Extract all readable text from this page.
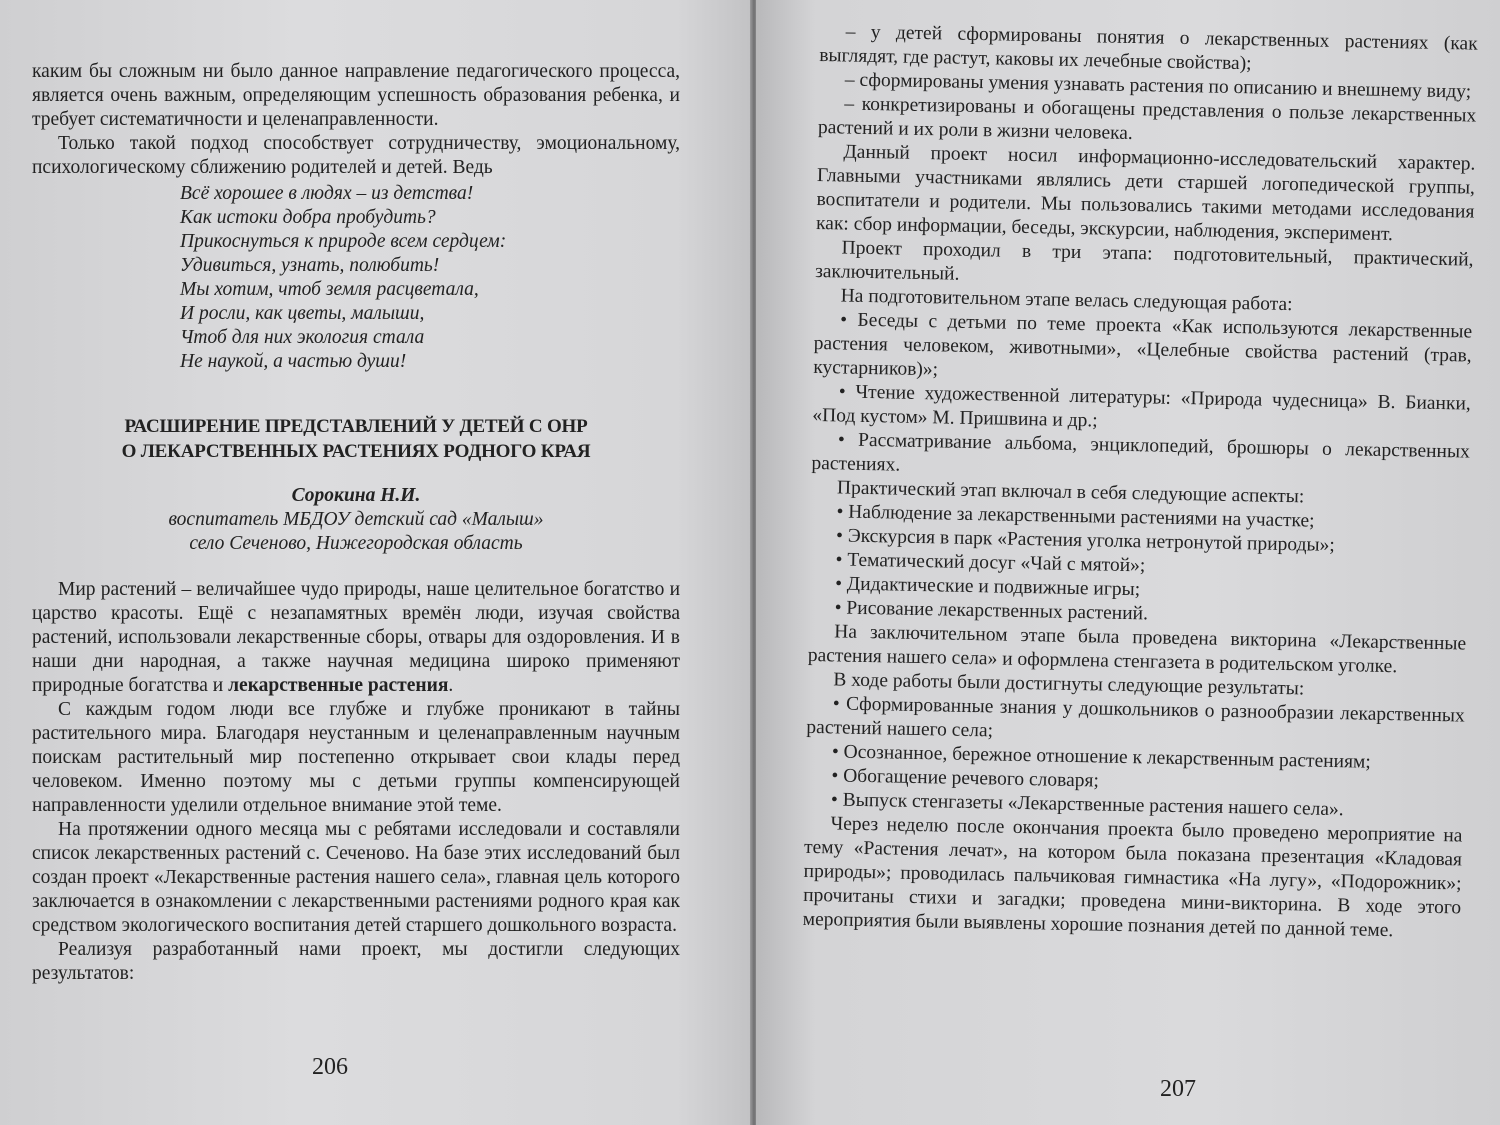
каким бы сложным ни было данное направление педагогического процесса, является очень важным, определяющим успешность образования ребенка, и требует систематичности и целенаправленности.

Только такой подход способствует сотрудничеству, эмоциональному, психологическому сближению родителей и детей. Ведь

Всё хорошее в людях – из детства!
Как истоки добра пробудить?
Прикоснуться к природе всем сердцем:
Удивиться, узнать, полюбить!
Мы хотим, чтоб земля расцветала,
И росли, как цветы, малыши,
Чтоб для них экология стала
Не наукой, а частью души!
РАСШИРЕНИЕ ПРЕДСТАВЛЕНИЙ У ДЕТЕЙ С ОНР
О ЛЕКАРСТВЕННЫХ РАСТЕНИЯХ РОДНОГО КРАЯ
Сорокина Н.И.
воспитатель МБДОУ детский сад «Малыш»
село Сеченово, Нижегородская область

Мир растений – величайшее чудо природы, наше целительное богатство и царство красоты. Ещё с незапамятных времён люди, изучая свойства растений, использовали лекарственные сборы, отвары для оздоровления. И в наши дни народная, а также научная медицина широко применяют природные богатства и лекарственные растения.

С каждым годом люди все глубже и глубже проникают в тайны растительного мира. Благодаря неустанным и целенаправленным научным поискам растительный мир постепенно открывает свои клады перед человеком. Именно поэтому мы с детьми группы компенсирующей направленности уделили отдельное внимание этой теме.

На протяжении одного месяца мы с ребятами исследовали и составляли список лекарственных растений с. Сеченово. На базе этих исследований был создан проект «Лекарственные растения нашего села», главная цель которого заключается в ознакомлении с лекарственными растениями родного края как средством экологического воспитания детей старшего дошкольного возраста.

Реализуя разработанный нами проект, мы достигли следующих результатов:

206

– у детей сформированы понятия о лекарственных растениях (как выглядят, где растут, каковы их лечебные свойства);

– сформированы умения узнавать растения по описанию и внешнему виду;

– конкретизированы и обогащены представления о пользе лекарственных растений и их роли в жизни человека.

Данный проект носил информационно-исследовательский характер. Главными участниками являлись дети старшей логопедической группы, воспитатели и родители. Мы пользовались такими методами исследования как: сбор информации, беседы, экскурсии, наблюдения, эксперимент.

Проект проходил в три этапа: подготовительный, практический, заключительный.

На подготовительном этапе велась следующая работа:

• Беседы с детьми по теме проекта «Как используются лекарственные растения человеком, животными», «Целебные свойства растений (трав, кустарников)»;

• Чтение художественной литературы: «Природа чудесница» В. Бианки, «Под кустом» М. Пришвина и др.;

• Рассматривание альбома, энциклопедий, брошюры о лекарственных растениях.

Практический этап включал в себя следующие аспекты:

• Наблюдение за лекарственными растениями на участке;

• Экскурсия в парк «Растения уголка нетронутой природы»;

• Тематический досуг «Чай с мятой»;

• Дидактические и подвижные игры;

• Рисование лекарственных растений.

На заключительном этапе была проведена викторина «Лекарственные растения нашего села» и оформлена стенгазета в родительском уголке.

В ходе работы были достигнуты следующие результаты:

• Сформированные знания у дошкольников о разнообразии лекарственных растений нашего села;

• Осознанное, бережное отношение к лекарственным растениям;

• Обогащение речевого словаря;

• Выпуск стенгазеты «Лекарственные растения нашего села».

Через неделю после окончания проекта было проведено мероприятие на тему «Растения лечат», на котором была показана презентация «Кладовая природы»; проводилась пальчиковая гимнастика «На лугу», «Подорожник»; прочитаны стихи и загадки; проведена мини-викторина. В ходе этого мероприятия были выявлены хорошие познания детей по данной теме.

207
